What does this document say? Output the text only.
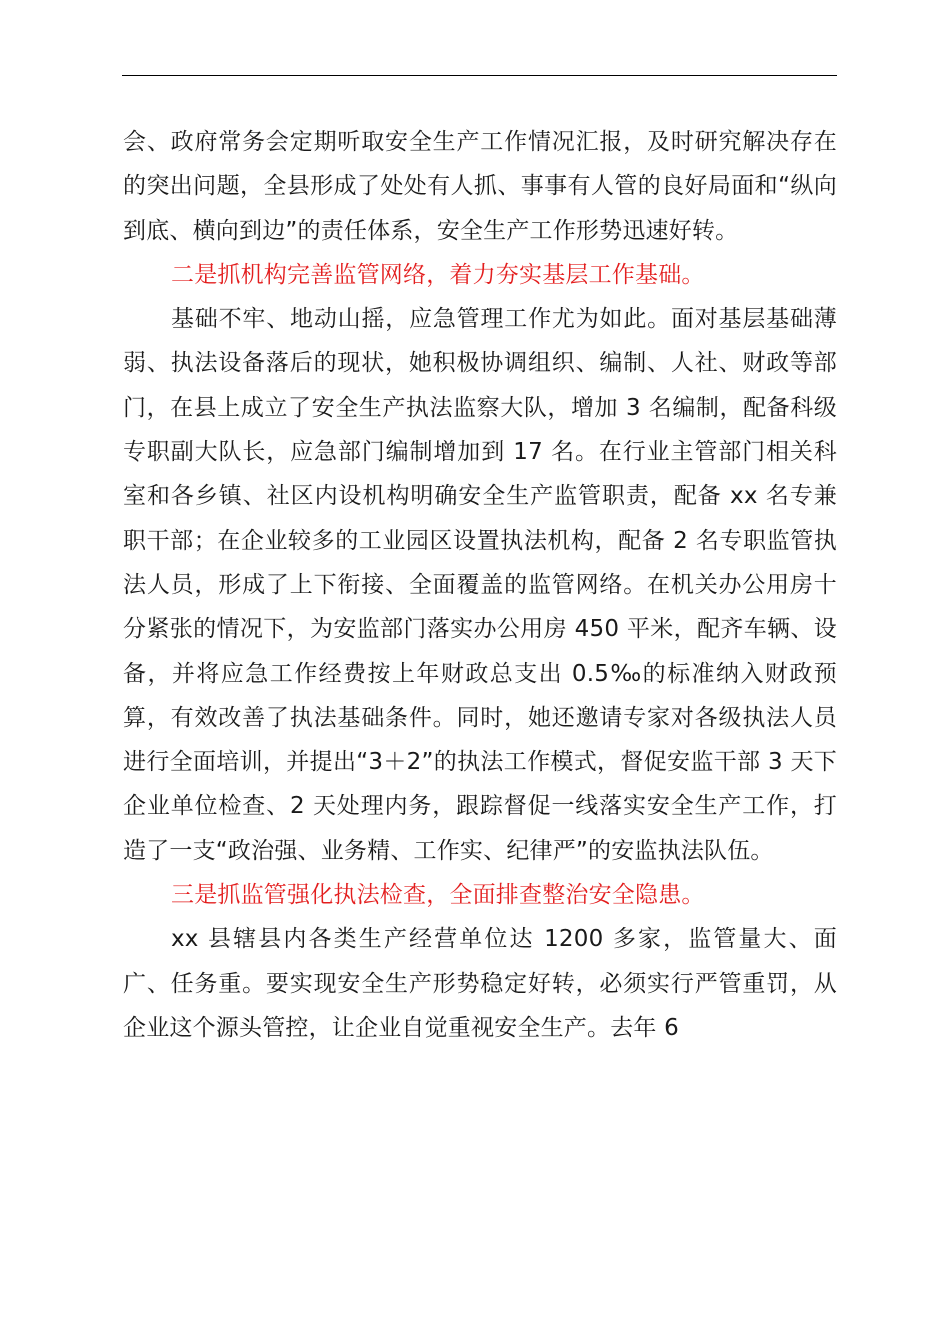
会、政府常务会定期听取安全生产工作情况汇报，及时研究解决存在的突出问题，全县形成了处处有人抓、事事有人管的良好局面和“纵向到底、横向到边”的责任体系，安全生产工作形势迅速好转。

二是抓机构完善监管网络，着力夯实基层工作基础。

基础不牢、地动山摇，应急管理工作尤为如此。面对基层基础薄弱、执法设备落后的现状，她积极协调组织、编制、人社、财政等部门，在县上成立了安全生产执法监察大队，增加 3 名编制，配备科级专职副大队长，应急部门编制增加到 17 名。在行业主管部门相关科室和各乡镇、社区内设机构明确安全生产监管职责，配备 xx 名专兼职干部；在企业较多的工业园区设置执法机构，配备 2 名专职监管执法人员，形成了上下衔接、全面覆盖的监管网络。在机关办公用房十分紧张的情况下，为安监部门落实办公用房 450 平米，配齐车辆、设备，并将应急工作经费按上年财政总支出 0.5‰的标准纳入财政预算，有效改善了执法基础条件。同时，她还邀请专家对各级执法人员进行全面培训，并提出“3＋2”的执法工作模式，督促安监干部 3 天下企业单位检查、2 天处理内务，跟踪督促一线落实安全生产工作，打造了一支“政治强、业务精、工作实、纪律严”的安监执法队伍。

三是抓监管强化执法检查，全面排查整治安全隐患。

xx 县辖县内各类生产经营单位达 1200 多家，监管量大、面广、任务重。要实现安全生产形势稳定好转，必须实行严管重罚，从企业这个源头管控，让企业自觉重视安全生产。去年 6
